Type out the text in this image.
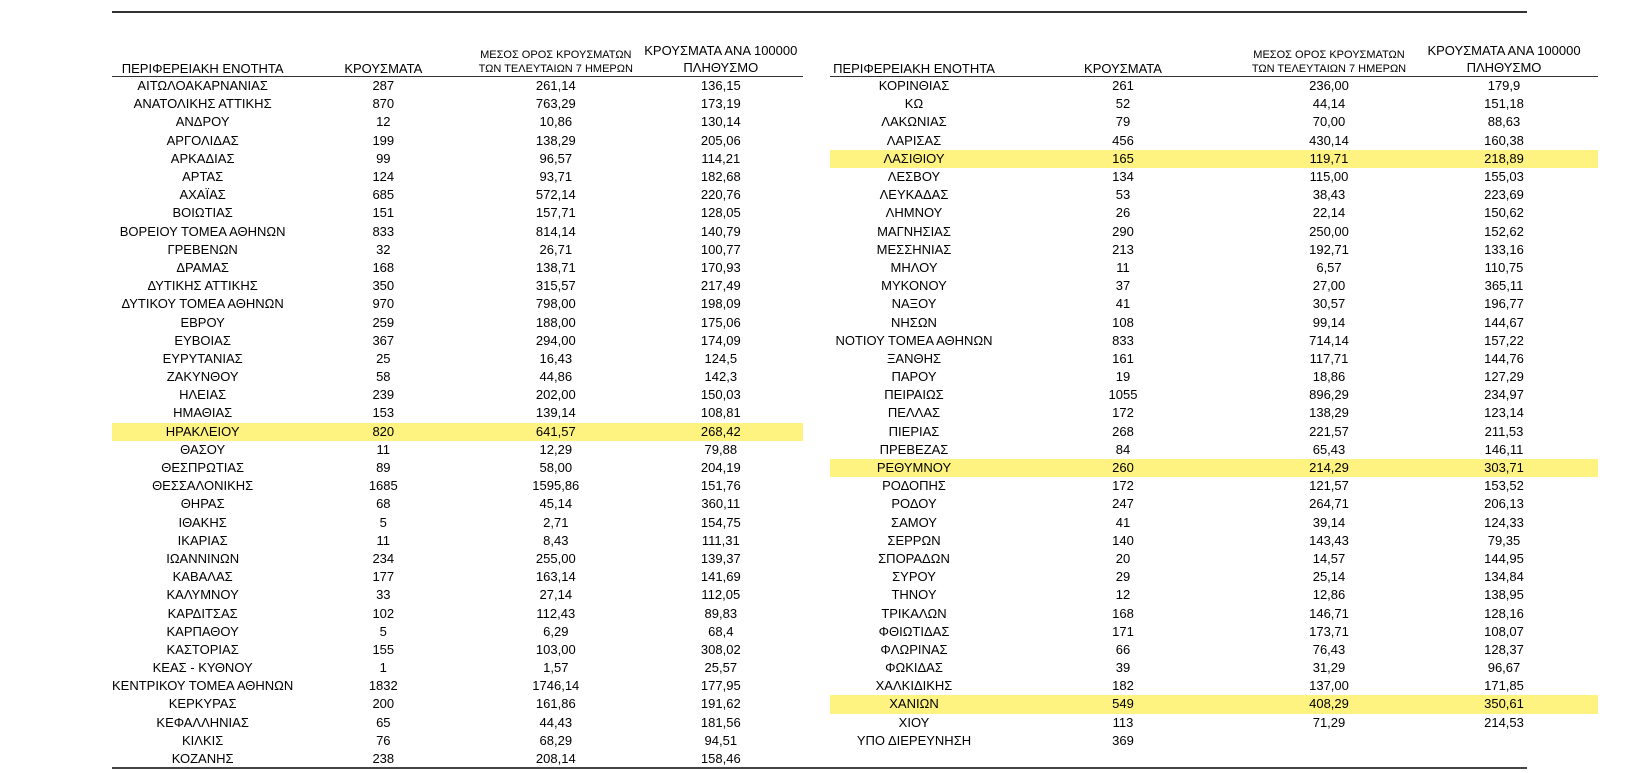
ΠΕΡΙΦΕΡΕΙΑΚΗ ΕΝΟΤΗΤΑ	ΚΡΟΥΣΜΑΤΑ	ΜΕΣΟΣ ΟΡΟΣ ΚΡΟΥΣΜΑΤΩΝ
ΤΩΝ ΤΕΛΕΥΤΑΙΩΝ 7 ΗΜΕΡΩΝ	ΚΡΟΥΣΜΑΤΑ ΑΝΑ 100000
ΠΛΗΘΥΣΜΟ
ΑΙΤΩΛΟΑΚΑΡΝΑΝΙΑΣ	287	261,14	136,15
ΑΝΑΤΟΛΙΚΗΣ ΑΤΤΙΚΗΣ	870	763,29	173,19
ΑΝΔΡΟΥ	12	10,86	130,14
ΑΡΓΟΛΙΔΑΣ	199	138,29	205,06
ΑΡΚΑΔΙΑΣ	99	96,57	114,21
ΑΡΤΑΣ	124	93,71	182,68
ΑΧΑΪΑΣ	685	572,14	220,76
ΒΟΙΩΤΙΑΣ	151	157,71	128,05
ΒΟΡΕΙΟΥ ΤΟΜΕΑ ΑΘΗΝΩΝ	833	814,14	140,79
ΓΡΕΒΕΝΩΝ	32	26,71	100,77
ΔΡΑΜΑΣ	168	138,71	170,93
ΔΥΤΙΚΗΣ ΑΤΤΙΚΗΣ	350	315,57	217,49
ΔΥΤΙΚΟΥ ΤΟΜΕΑ ΑΘΗΝΩΝ	970	798,00	198,09
ΕΒΡΟΥ	259	188,00	175,06
ΕΥΒΟΙΑΣ	367	294,00	174,09
ΕΥΡΥΤΑΝΙΑΣ	25	16,43	124,5
ΖΑΚΥΝΘΟΥ	58	44,86	142,3
ΗΛΕΙΑΣ	239	202,00	150,03
ΗΜΑΘΙΑΣ	153	139,14	108,81
ΗΡΑΚΛΕΙΟΥ	820	641,57	268,42
ΘΑΣΟΥ	11	12,29	79,88
ΘΕΣΠΡΩΤΙΑΣ	89	58,00	204,19
ΘΕΣΣΑΛΟΝΙΚΗΣ	1685	1595,86	151,76
ΘΗΡΑΣ	68	45,14	360,11
ΙΘΑΚΗΣ	5	2,71	154,75
ΙΚΑΡΙΑΣ	11	8,43	111,31
ΙΩΑΝΝΙΝΩΝ	234	255,00	139,37
ΚΑΒΑΛΑΣ	177	163,14	141,69
ΚΑΛΥΜΝΟΥ	33	27,14	112,05
ΚΑΡΔΙΤΣΑΣ	102	112,43	89,83
ΚΑΡΠΑΘΟΥ	5	6,29	68,4
ΚΑΣΤΟΡΙΑΣ	155	103,00	308,02
ΚΕΑΣ - ΚΥΘΝΟΥ	1	1,57	25,57
ΚΕΝΤΡΙΚΟΥ ΤΟΜΕΑ ΑΘΗΝΩΝ	1832	1746,14	177,95
ΚΕΡΚΥΡΑΣ	200	161,86	191,62
ΚΕΦΑΛΛΗΝΙΑΣ	65	44,43	181,56
ΚΙΛΚΙΣ	76	68,29	94,51
ΚΟΖΑΝΗΣ	238	208,14	158,46
ΠΕΡΙΦΕΡΕΙΑΚΗ ΕΝΟΤΗΤΑ	ΚΡΟΥΣΜΑΤΑ	ΜΕΣΟΣ ΟΡΟΣ ΚΡΟΥΣΜΑΤΩΝ
ΤΩΝ ΤΕΛΕΥΤΑΙΩΝ 7 ΗΜΕΡΩΝ	ΚΡΟΥΣΜΑΤΑ ΑΝΑ 100000
ΠΛΗΘΥΣΜΟ
ΚΟΡΙΝΘΙΑΣ	261	236,00	179,9
ΚΩ	52	44,14	151,18
ΛΑΚΩΝΙΑΣ	79	70,00	88,63
ΛΑΡΙΣΑΣ	456	430,14	160,38
ΛΑΣΙΘΙΟΥ	165	119,71	218,89
ΛΕΣΒΟΥ	134	115,00	155,03
ΛΕΥΚΑΔΑΣ	53	38,43	223,69
ΛΗΜΝΟΥ	26	22,14	150,62
ΜΑΓΝΗΣΙΑΣ	290	250,00	152,62
ΜΕΣΣΗΝΙΑΣ	213	192,71	133,16
ΜΗΛΟΥ	11	6,57	110,75
ΜΥΚΟΝΟΥ	37	27,00	365,11
ΝΑΞΟΥ	41	30,57	196,77
ΝΗΣΩΝ	108	99,14	144,67
ΝΟΤΙΟΥ ΤΟΜΕΑ ΑΘΗΝΩΝ	833	714,14	157,22
ΞΑΝΘΗΣ	161	117,71	144,76
ΠΑΡΟΥ	19	18,86	127,29
ΠΕΙΡΑΙΩΣ	1055	896,29	234,97
ΠΕΛΛΑΣ	172	138,29	123,14
ΠΙΕΡΙΑΣ	268	221,57	211,53
ΠΡΕΒΕΖΑΣ	84	65,43	146,11
ΡΕΘΥΜΝΟΥ	260	214,29	303,71
ΡΟΔΟΠΗΣ	172	121,57	153,52
ΡΟΔΟΥ	247	264,71	206,13
ΣΑΜΟΥ	41	39,14	124,33
ΣΕΡΡΩΝ	140	143,43	79,35
ΣΠΟΡΑΔΩΝ	20	14,57	144,95
ΣΥΡΟΥ	29	25,14	134,84
ΤΗΝΟΥ	12	12,86	138,95
ΤΡΙΚΑΛΩΝ	168	146,71	128,16
ΦΘΙΩΤΙΔΑΣ	171	173,71	108,07
ΦΛΩΡΙΝΑΣ	66	76,43	128,37
ΦΩΚΙΔΑΣ	39	31,29	96,67
ΧΑΛΚΙΔΙΚΗΣ	182	137,00	171,85
ΧΑΝΙΩΝ	549	408,29	350,61
ΧΙΟΥ	113	71,29	214,53
ΥΠΟ ΔΙΕΡΕΥΝΗΣΗ	369		
